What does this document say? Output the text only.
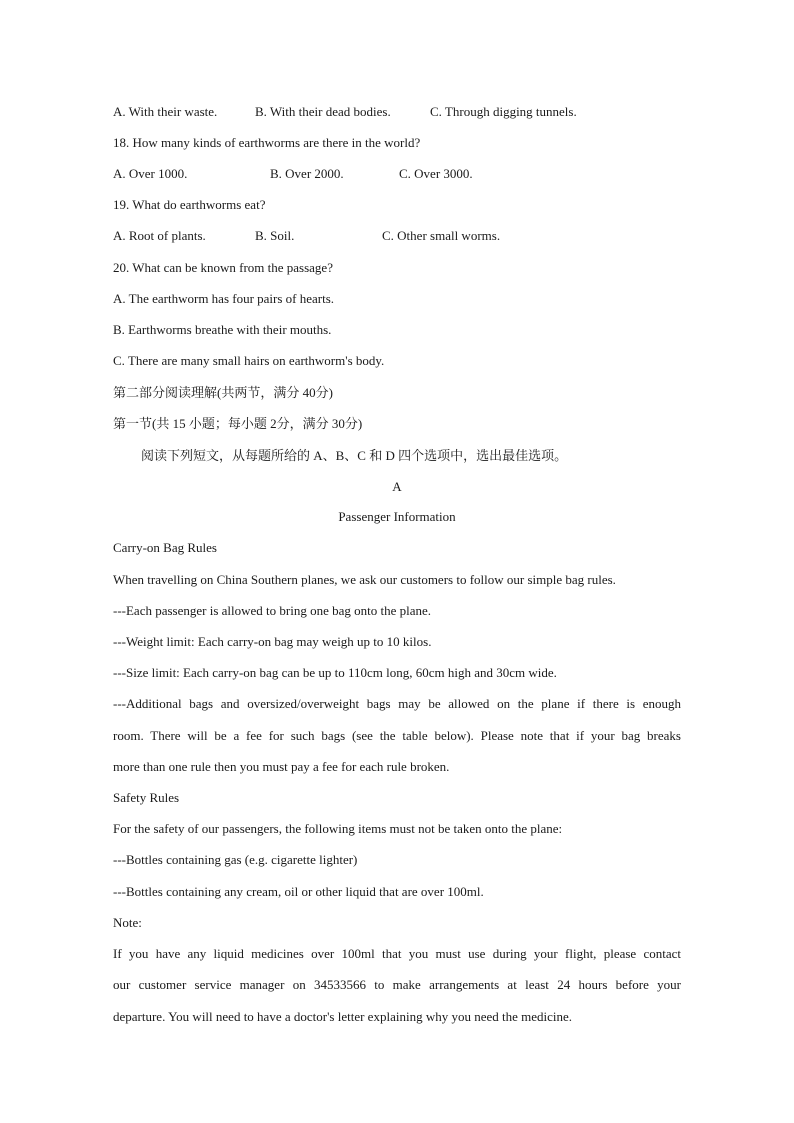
A. With their waste.	B. With their dead bodies.	C. Through digging tunnels.
18. How many kinds of earthworms are there in the world?
A. Over 1000.	B. Over 2000.	C. Over 3000.
19. What do earthworms eat?
A. Root of plants.	B. Soil.	C. Other small worms.
20. What can be known from the passage?
A. The earthworm has four pairs of hearts.
B. Earthworms breathe with their mouths.
C. There are many small hairs on earthworm's body.
第二部分阅读理解(共两节，满分 40分)
第一节(共 15 小题；每小题 2分，满分 30分)
阅读下列短文，从每题所给的 A、B、C 和 D 四个选项中，选出最佳选项。
A
Passenger Information
Carry-on Bag Rules
When travelling on China Southern planes, we ask our customers to follow our simple bag rules.
---Each passenger is allowed to bring one bag onto the plane.
---Weight limit: Each carry-on bag may weigh up to 10 kilos.
---Size limit: Each carry-on bag can be up to 110cm long, 60cm high and 30cm wide.
---Additional bags and oversized/overweight bags may be allowed on the plane if there is enough
room. There will be a fee for such bags (see the table below). Please note that if your bag breaks
more than one rule then you must pay a fee for each rule broken.
Safety Rules
For the safety of our passengers, the following items must not be taken onto the plane:
---Bottles containing gas (e.g. cigarette lighter)
---Bottles containing any cream, oil or other liquid that are over 100ml.
Note:
If you have any liquid medicines over 100ml that you must use during your flight, please contact
our customer service manager on 34533566 to make arrangements at least 24 hours before your
departure. You will need to have a doctor's letter explaining why you need the medicine.
